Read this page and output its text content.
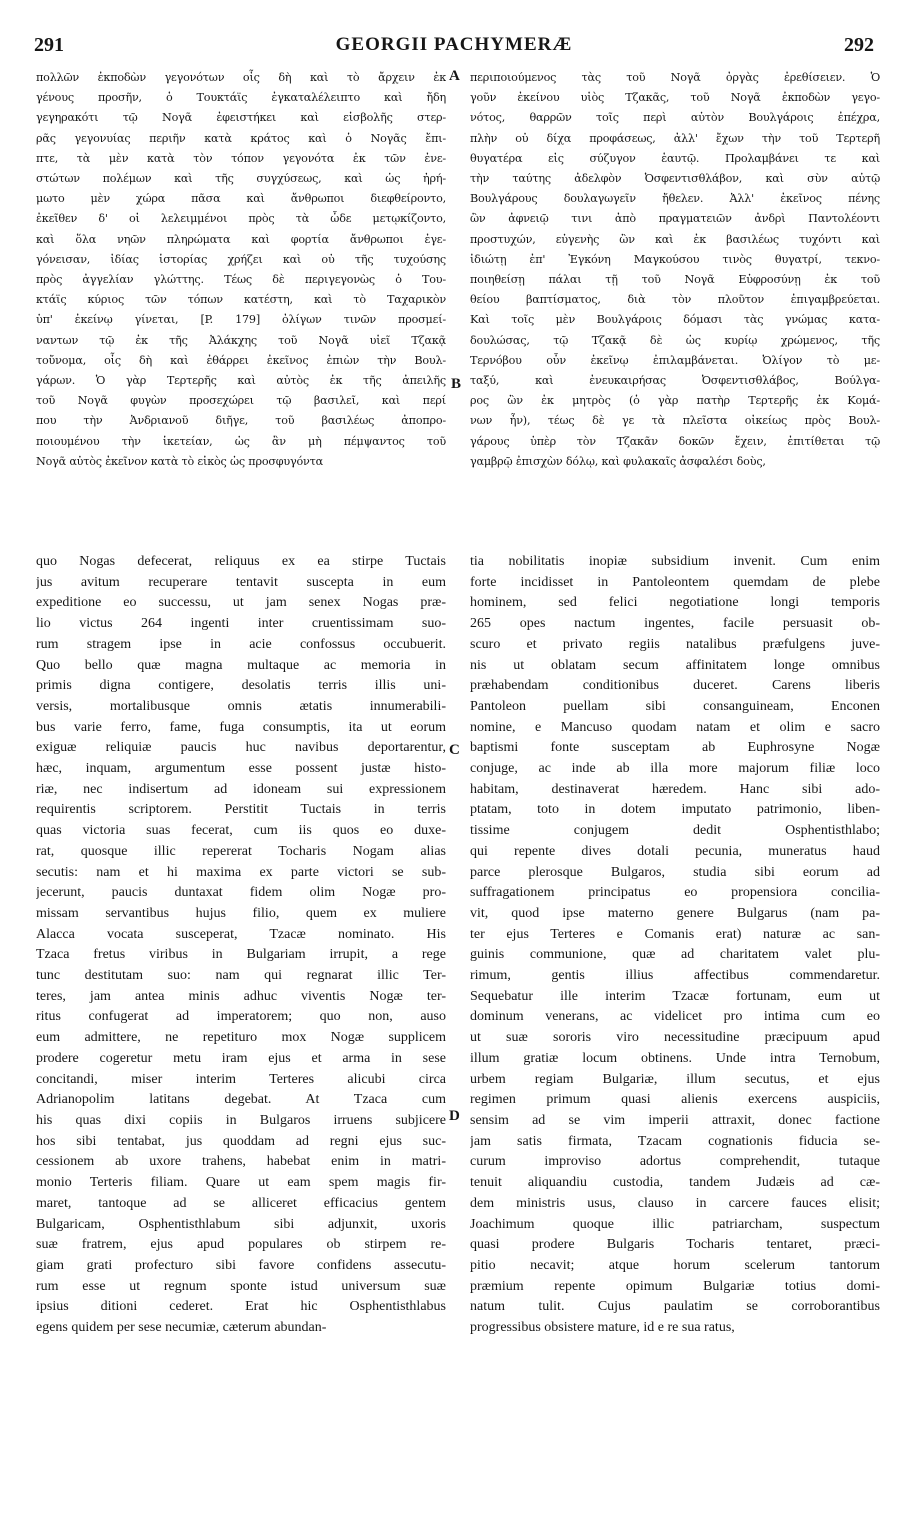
291	GEORGII PACHYMERÆ	292
A
B
C
D
πολλῶν ἐκποδὼν γεγονότων οἷς δὴ καὶ τὸ ἄρχειν ἐκ
γένους προσῆν, ὁ Τουκτάϊς ἐγκαταλέλειπτο καὶ ἤδη
γεγηρακότι τῷ Νογᾶ ἐφειστήκει καὶ εἰσβολῆς στερ-
ρᾶς γεγονυίας περιῆν κατὰ κράτος καὶ ὁ Νογᾶς ἔπι-
πτε, τὰ μὲν κατὰ τὸν τόπον γεγονότα ἐκ τῶν ἐνε-
στώτων πολέμων καὶ τῆς συγχύσεως, καὶ ὡς ἠρή-
μωτο μὲν χώρα πᾶσα καὶ ἄνθρωποι διεφθείροντο,
ἐκεῖθεν δ' οἱ λελειμμένοι πρὸς τὰ ὧδε μετῳκίζοντο,
καὶ ὅλα νηῶν πληρώματα καὶ φορτία ἄνθρωποι ἐγε-
γόνεισαν, ἰδίας ἱστορίας χρήζει καὶ οὐ τῆς τυχούσης
πρὸς ἀγγελίαν γλώττης. Τέως δὲ περιγεγονὼς ὁ Του-
κτάϊς κύριος τῶν τόπων κατέστη, καὶ τὸ Ταχαρικὸν
ὑπ' ἐκείνῳ γίνεται, [P. 179] ὀλίγων τινῶν προσμεί-
ναντων τῷ ἐκ τῆς Ἀλάκχης τοῦ Νογᾶ υἱεῖ Τζακᾷ
τοὔνομα, οἷς δὴ καὶ ἐθάρρει ἐκεῖνος ἐπιὼν τὴν Βουλ-
γάρων. Ὁ γὰρ Τερτερῆς καὶ αὐτὸς ἐκ τῆς ἀπειλῆς
τοῦ Νογᾶ φυγὼν προσεχώρει τῷ βασιλεῖ, καὶ περί
που τὴν Ἀνδριανοῦ διῆγε, τοῦ βασιλέως ἀποπρο-
ποιουμένου τὴν ἱκετείαν, ὡς ἂν μὴ πέμψαντος τοῦ
Νογᾶ αὐτὸς ἐκεῖνον κατὰ τὸ εἰκὸς ὡς προσφυγόντα
περιποιούμενος τὰς τοῦ Νογᾶ ὀργὰς ἐρεθίσειεν. Ὁ
γοῦν ἐκείνου υἱὸς Τζακᾶς, τοῦ Νογᾶ ἐκποδὼν γεγο-
νότος, θαρρῶν τοῖς περὶ αὐτὸν Βουλγάροις ἐπέχρα,
πλὴν οὐ δίχα προφάσεως, ἀλλ' ἔχων τὴν τοῦ Τερτερῆ
θυγατέρα εἰς σύζυγον ἑαυτῷ. Προλαμβάνει τε καὶ
τὴν ταύτης ἀδελφὸν Ὀσφεντισθλάβον, καὶ σὺν αὐτῷ
Βουλγάρους δουλαγωγεῖν ἤθελεν. Ἀλλ' ἐκεῖνος πένης
ὢν ἀφνειῷ τινι ἀπὸ πραγματειῶν ἀνδρὶ Παντολέοντι
προστυχών, εὐγενὴς ὢν καὶ ἐκ βασιλέως τυχόντι καὶ
ἰδιώτῃ ἐπ' Ἐγκόνη Μαγκούσου τινὸς θυγατρί, τεκνο-
ποιηθείσῃ πάλαι τῇ τοῦ Νογᾶ Εὐφροσύνῃ ἐκ τοῦ
θείου βαπτίσματος, διὰ τὸν πλοῦτον ἐπιγαμβρεύεται.
Καὶ τοῖς μὲν Βουλγάροις δόμασι τὰς γνώμας κατα-
δουλώσας, τῷ Τζακᾷ δὲ ὡς κυρίῳ χρώμενος, τῆς
Τερνόβου οὖν ἐκεῖνῳ ἐπιλαμβάνεται. Ὀλίγον τὸ με-
ταξύ, καὶ ἐνευκαιρήσας Ὀσφεντισθλάβος, Βούλγα-
ρος ὢν ἐκ μητρὸς (ὁ γὰρ πατὴρ Τερτερῆς ἐκ Κομά-
νων ἦν), τέως δὲ γε τὰ πλεῖστα οἰκείως πρὸς Βουλ-
γάρους ὑπὲρ τὸν Τζακᾶν δοκῶν ἔχειν, ἐπιτίθεται τῷ
γαμβρῷ ἐπισχὼν δόλῳ, καὶ φυλακαῖς ἀσφαλέσι δοὺς,
quo Nogas defecerat, reliquus ex ea stirpe Tuctais
jus avitum recuperare tentavit suscepta in eum
expeditione eo successu, ut jam senex Nogas præ-
lio victus 264 ingenti inter cruentissimam suo-
rum stragem ipse in acie confossus occubuerit.
Quo bello quæ magna multaque ac memoria in
primis digna contigere, desolatis terris illis uni-
versis, mortalibusque omnis ætatis innumerabili-
bus varie ferro, fame, fuga consumptis, ita ut eorum
exiguæ reliquiæ paucis huc navibus deportarentur,
hæc, inquam, argumentum esse possent justæ histo-
riæ, nec indisertum ad idoneam sui expressionem
requirentis scriptorem. Perstitit Tuctais in terris
quas victoria suas fecerat, cum iis quos eo duxe-
rat, quosque illic repererat Tocharis Nogam alias
secutis: nam et hi maxima ex parte victori se sub-
jecerunt, paucis duntaxat fidem olim Nogæ pro-
missam servantibus hujus filio, quem ex muliere
Alacca vocata susceperat, Tzacæ nominato. His
Tzaca fretus viribus in Bulgariam irrupit, a rege
tunc destitutam suo: nam qui regnarat illic Ter-
teres, jam antea minis adhuc viventis Nogæ ter-
ritus confugerat ad imperatorem; quo non, auso
eum admittere, ne repetituro mox Nogæ supplicem
prodere cogeretur metu iram ejus et arma in sese
concitandi, miser interim Terteres alicubi circa
Adrianopolim latitans degebat. At Tzaca cum
his quas dixi copiis in Bulgaros irruens subjicere
hos sibi tentabat, jus quoddam ad regni ejus suc-
cessionem ab uxore trahens, habebat enim in matri-
monio Terteris filiam. Quare ut eam spem magis fir-
maret, tantoque ad se alliceret efficacius gentem
Bulgaricam, Osphentisthlabum sibi adjunxit, uxoris
suæ fratrem, ejus apud populares ob stirpem re-
giam grati profecturo sibi favore confidens assecutu-
rum esse ut regnum sponte istud universum suæ
ipsius ditioni cederet. Erat hic Osphentisthlabus
egens quidem per sese necumiæ, cæterum abundan-
tia nobilitatis inopiæ subsidium invenit. Cum enim
forte incidisset in Pantoleontem quemdam de plebe
hominem, sed felici negotiatione longi temporis
265 opes nactum ingentes, facile persuasit ob-
scuro et privato regiis natalibus præfulgens juve-
nis ut oblatam secum affinitatem longe omnibus
præhabendam conditionibus duceret. Carens liberis
Pantoleon puellam sibi consanguineam, Enconen
nomine, e Mancuso quodam natam et olim e sacro
baptismi fonte susceptam ab Euphrosyne Nogæ
conjuge, ac inde ab illa more majorum filiæ loco
habitam, destinaverat hæredem. Hanc sibi ado-
ptatam, toto in dotem imputato patrimonio, liben-
tissime conjugem dedit Osphentisthlabo;
qui repente dives dotali pecunia, muneratus haud
parce plerosque Bulgaros, studia sibi eorum ad
suffragationem principatus eo propensiora concilia-
vit, quod ipse materno genere Bulgarus (nam pa-
ter ejus Terteres e Comanis erat) naturæ ac san-
guinis communione, quæ ad charitatem valet plu-
rimum, gentis illius affectibus commendaretur.
Sequebatur ille interim Tzacæ fortunam, eum ut
dominum venerans, ac videlicet pro intima cum eo
ut suæ sororis viro necessitudine præcipuum apud
illum gratiæ locum obtinens. Unde intra Ternobum,
urbem regiam Bulgariæ, illum secutus, et ejus
regimen primum quasi alienis exercens auspiciis,
sensim ad se vim imperii attraxit, donec factione
jam satis firmata, Tzacam cognationis fiducia se-
curum improviso adortus comprehendit, tutaque
tenuit aliquandiu custodia, tandem Judæis ad cæ-
dem ministris usus, clauso in carcere fauces elisit;
Joachimum quoque illic patriarcham, suspectum
quasi prodere Bulgaris Tocharis tentaret, præci-
pitio necavit; atque horum scelerum tantorum
præmium repente opimum Bulgariæ totius domi-
natum tulit. Cujus paulatim se corroborantibus
progressibus obsistere mature, id e re sua ratus,
